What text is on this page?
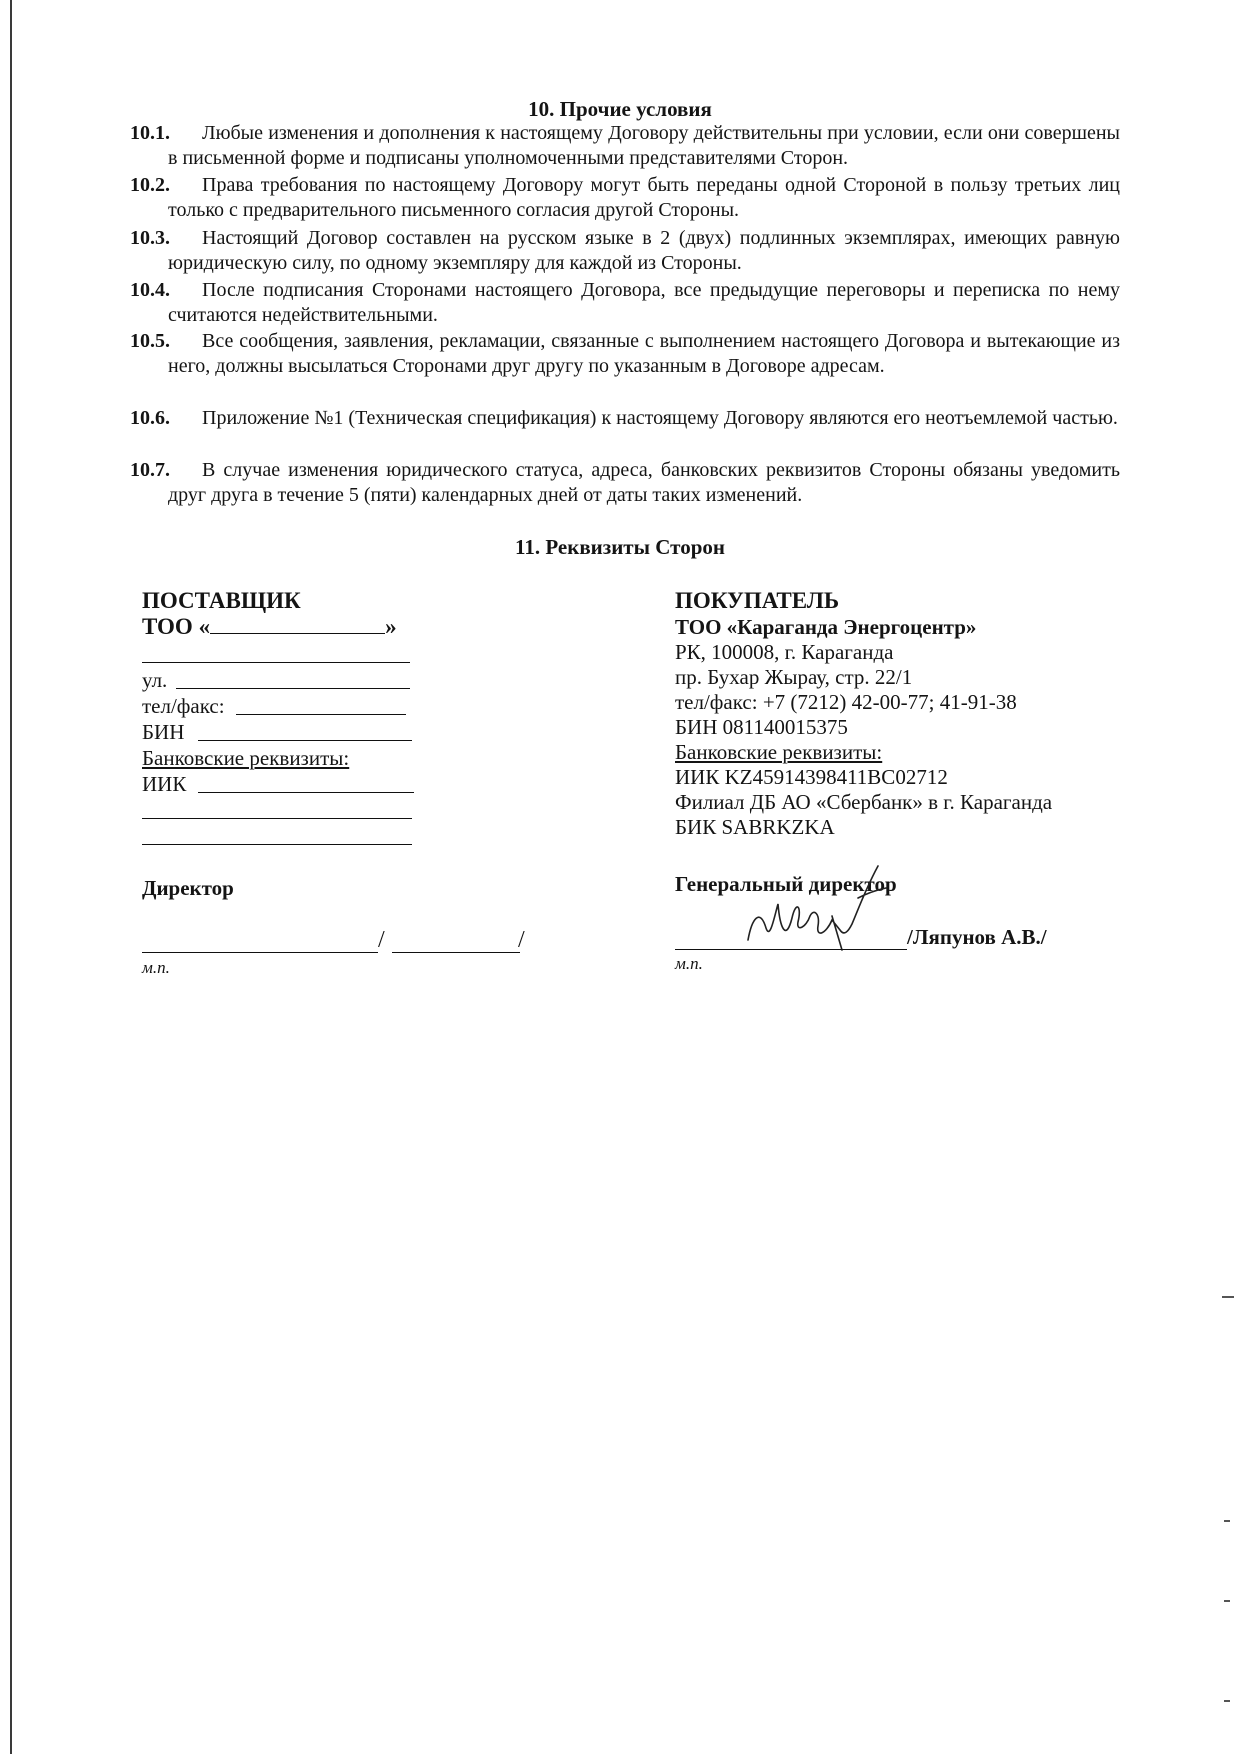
10. Прочие условия
10.1.	Любые изменения и дополнения к настоящему Договору действительны при условии, если они совершены в письменной форме и подписаны уполномоченными представителями Сторон.
10.2.	Права требования по настоящему Договору могут быть переданы одной Стороной в пользу третьих лиц только с предварительного письменного согласия другой Стороны.
10.3.	Настоящий Договор составлен на русском языке в 2 (двух) подлинных экземплярах, имеющих равную юридическую силу, по одному экземпляру для каждой из Стороны.
10.4.	После подписания Сторонами настоящего Договора, все предыдущие переговоры и переписка по нему считаются недействительными.
10.5.	Все сообщения, заявления, рекламации, связанные с выполнением настоящего Договора и вытекающие из него, должны высылаться Сторонами друг другу по указанным в Договоре адресам.
10.6.	Приложение №1 (Техническая спецификация) к настоящему Договору являются его неотъемлемой частью.
10.7.	В случае изменения юридического статуса, адреса, банковских реквизитов Стороны обязаны уведомить друг друга в течение 5 (пяти) календарных дней от даты таких изменений.
11. Реквизиты Сторон
ПОСТАВЩИК
ТОО «	»
ул.
тел/факс:
БИН
Банковские реквизиты:
ИИК
Директор
/	/
м.п.
ПОКУПАТЕЛЬ
ТОО «Караганда Энергоцентр»
РК, 100008, г. Караганда
пр. Бухар Жырау, стр. 22/1
тел/факс: +7 (7212) 42-00-77; 41-91-38
БИН 081140015375
Банковские реквизиты:
ИИК KZ45914398411BC02712
Филиал ДБ АО «Сбербанк» в г. Караганда
БИК SABRKZKA
Генеральный директор
/Ляпунов А.В./
м.п.
